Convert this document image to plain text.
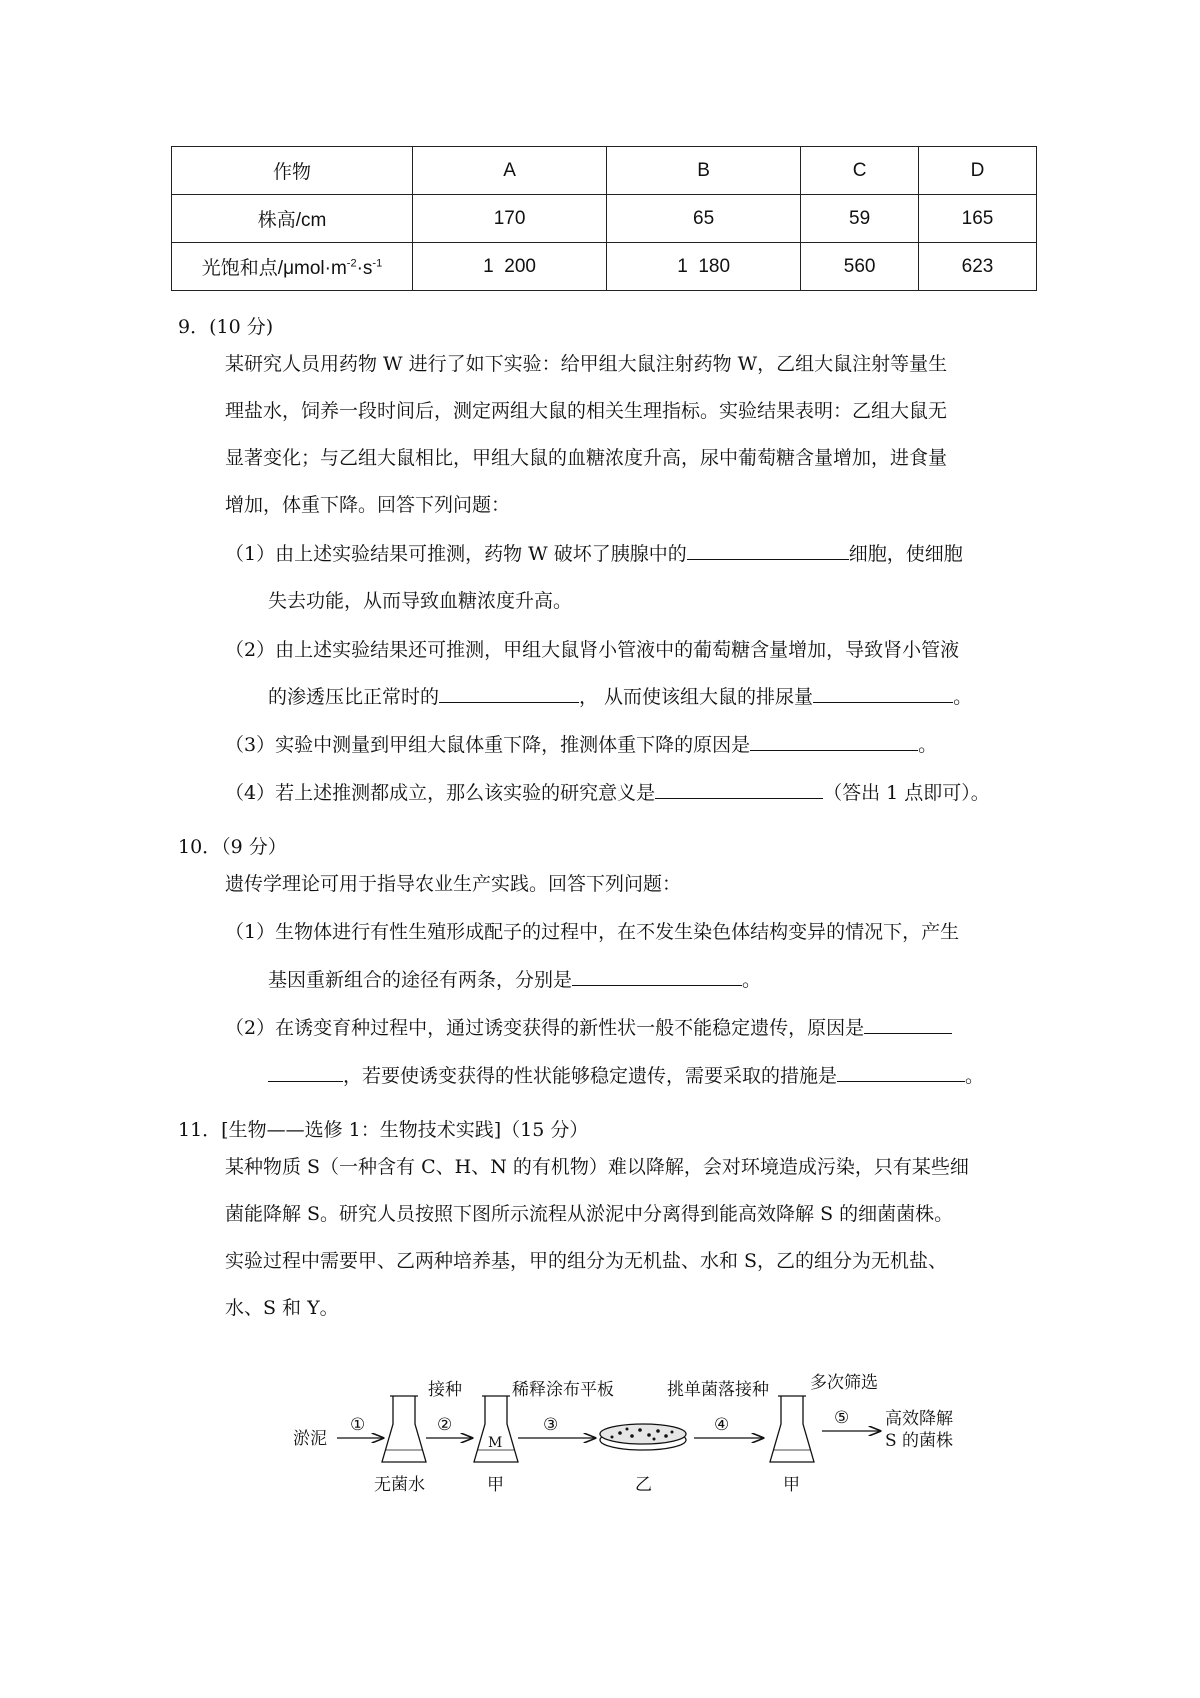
作物	A	B	C	D
株高/cm	170	65	59	165
光饱和点$/\mu mol\cdot m^{-2}\cdot s^{-1}$	1  200	1  180	560	623
9．(10 分)
某研究人员用药物 W 进行了如下实验：给甲组大鼠注射药物 W，乙组大鼠注射等量生
理盐水，饲养一段时间后，测定两组大鼠的相关生理指标。实验结果表明：乙组大鼠无
显著变化；与乙组大鼠相比，甲组大鼠的血糖浓度升高，尿中葡萄糖含量增加，进食量
增加，体重下降。回答下列问题：
（1）由上述实验结果可推测，药物 W 破坏了胰腺中的	细胞，使细胞
失去功能，从而导致血糖浓度升高。
（2）由上述实验结果还可推测，甲组大鼠肾小管液中的葡萄糖含量增加，导致肾小管液
的渗透压比正常时的	， 从而使该组大鼠的排尿量	。
（3）实验中测量到甲组大鼠体重下降，推测体重下降的原因是	。
（4）若上述推测都成立，那么该实验的研究意义是	（答出 1 点即可）。
10．（9 分）
遗传学理论可用于指导农业生产实践。回答下列问题：
（1）生物体进行有性生殖形成配子的过程中，在不发生染色体结构变异的情况下，产生
基因重新组合的途径有两条，分别是	。
（2）在诱变育种过程中，通过诱变获得的新性状一般不能稳定遗传，原因是
，若要使诱变获得的性状能够稳定遗传，需要采取的措施是	。
11．[生物——选修 1：生物技术实践]（15 分）
某种物质 S（一种含有 C、H、N 的有机物）难以降解，会对环境造成污染，只有某些细
菌能降解 S。研究人员按照下图所示流程从淤泥中分离得到能高效降解 S 的细菌菌株。
实验过程中需要甲、乙两种培养基，甲的组分为无机盐、水和 S，乙的组分为无机盐、
水、S 和 Y。
淤泥
①
无菌水
接种
②
M
甲
稀释涂布平板
③
乙
挑单菌落接种
④
甲
多次筛选
⑤ 高效降解
S 的菌株
